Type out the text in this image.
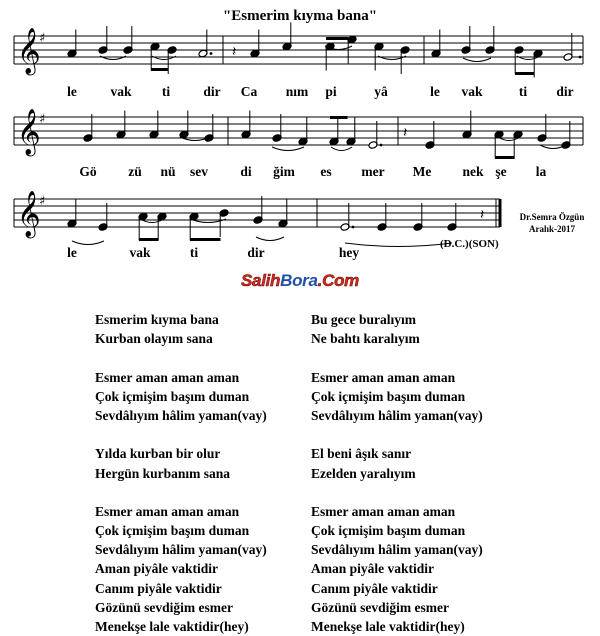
"Esmerim kıyma bana"
𝄞
♯
𝄞
♯
𝄞
♯
𝄽
𝄽
𝄽
le vak ti dir Ca nım pi	yâ	le vak	ti dir
Gö zü nü sev di ğim es mer Me nek şe la
le	vak	ti	dir	hey
Dr.Semra Özgün
Aralık-2017
(D.C.)(SON)
SalihBora.Com
Esmerim kıyma bana
Kurban olayım sana
Esmer aman aman aman
Çok içmişim başım duman
Sevdâlıyım hâlim yaman(vay)
Yılda kurban bir olur
Hergün kurbanım sana
Esmer aman aman aman
Çok içmişim başım duman
Sevdâlıyım hâlim yaman(vay)
Aman piyâle vaktidir
Canım piyâle vaktidir
Gözünü sevdiğim esmer
Menekşe lale vaktidir(hey)
Bu gece buralıyım
Ne bahtı karalıyım
Esmer aman aman aman
Çok içmişim başım duman
Sevdâlıyım hâlim yaman(vay)
El beni âşık sanır
Ezelden yaralıyım
Esmer aman aman aman
Çok içmişim başım duman
Sevdâlıyım hâlim yaman(vay)
Aman piyâle vaktidir
Canım piyâle vaktidir
Gözünü sevdiğim esmer
Menekşe lale vaktidir(hey)
